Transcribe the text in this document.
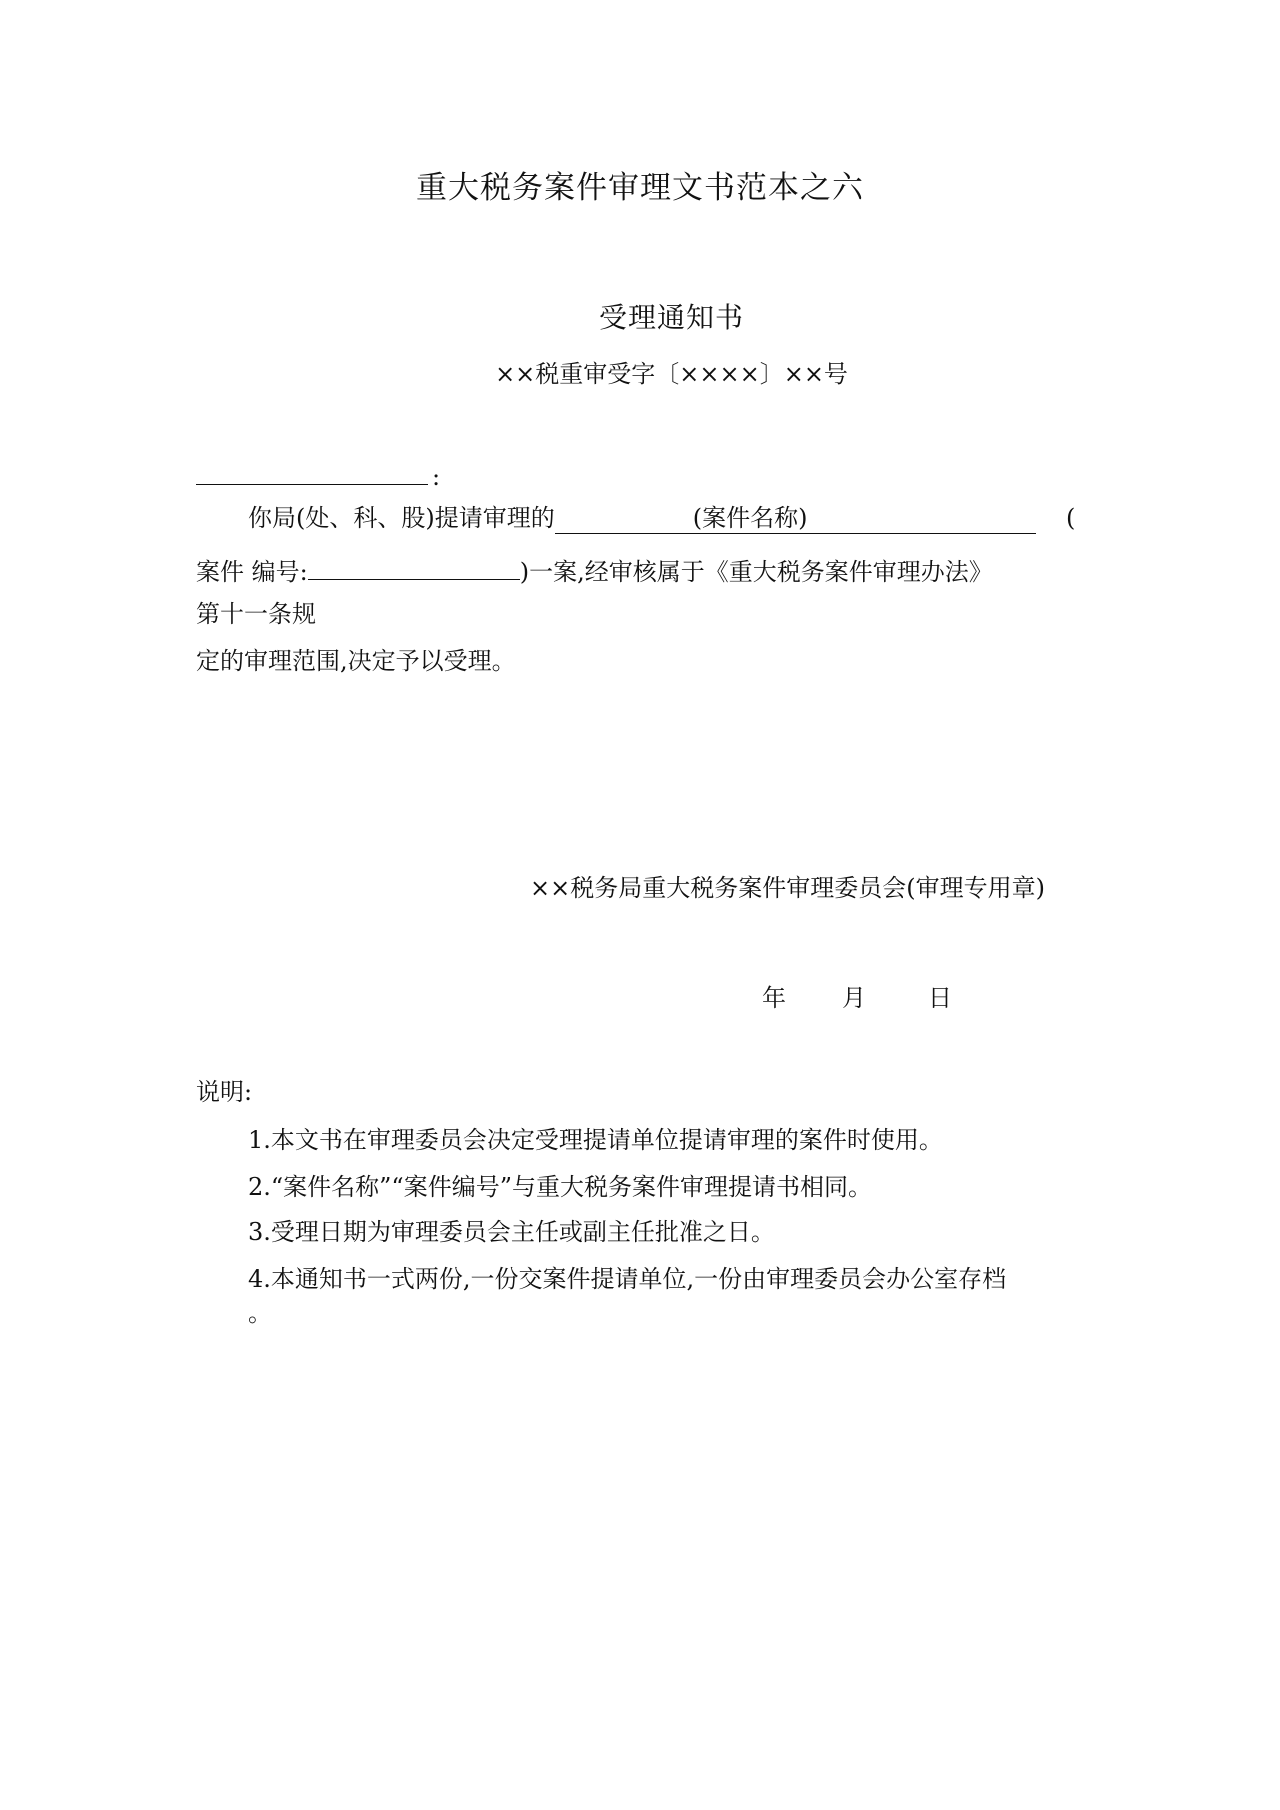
重大税务案件审理文书范本之六
受理通知书
××税重审受字〔××××〕××号
:
你局(处、科、股)提请审理的	(案件名称)	(
案件 编号:	)一案,经审核属于《重大税务案件审理办法》
第十一条规
定的审理范围,决定予以受理。
××税务局重大税务案件审理委员会(审理专用章)
年 月	日
说明:
1.本文书在审理委员会决定受理提请单位提请审理的案件时使用。
2.“案件名称”“案件编号”与重大税务案件审理提请书相同。
3.受理日期为审理委员会主任或副主任批准之日。
4.本通知书一式两份,一份交案件提请单位,一份由审理委员会办公室存档
。
